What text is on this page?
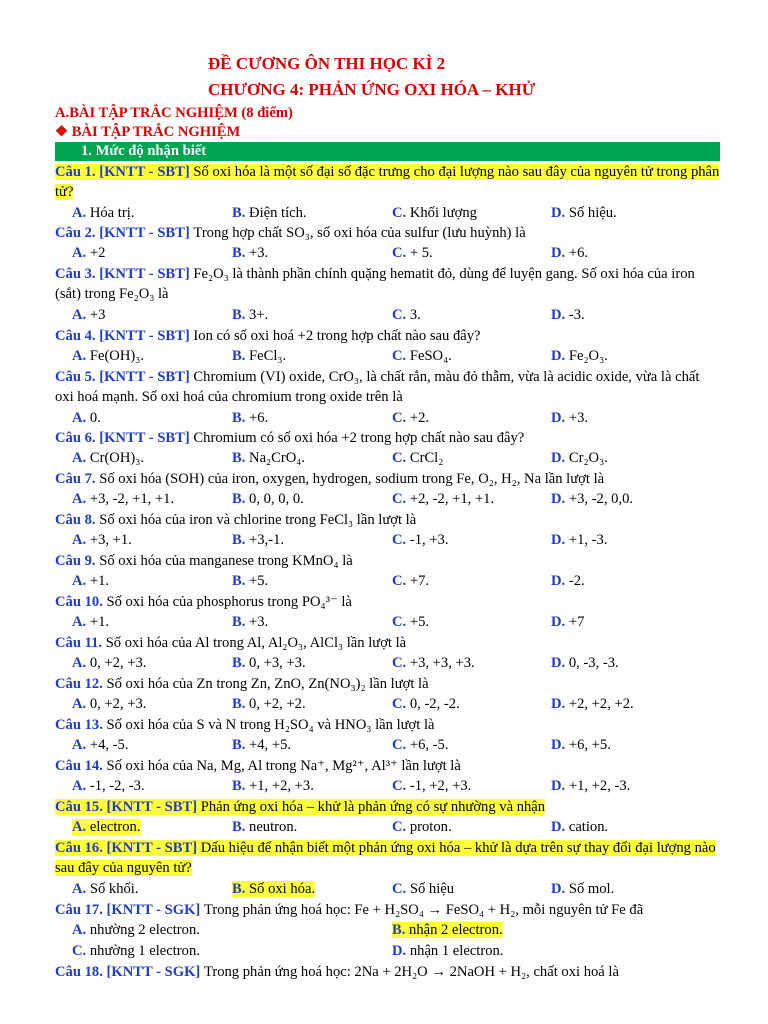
ĐỀ CƯƠNG ÔN THI HỌC KÌ 2
CHƯƠNG 4: PHẢN ỨNG OXI HÓA – KHỬ
A.BÀI TẬP TRẮC NGHIỆM (8 điểm)
❖ BÀI TẬP TRẮC NGHIỆM
1. Mức độ nhận biết
Câu 1. [KNTT - SBT] Số oxi hóa là một số đại số đặc trưng cho đại lượng nào sau đây của nguyên tử trong phân tử?
A. Hóa trị.	B. Điện tích.	C. Khối lượng	D. Số hiệu.
Câu 2. [KNTT - SBT] Trong hợp chất SO₃, số oxi hóa của sulfur (lưu huỳnh) là
A. +2	B. +3.	C. + 5.	D. +6.
Câu 3. [KNTT - SBT] Fe₂O₃ là thành phần chính quặng hematit đỏ, dùng để luyện gang. Số oxi hóa của iron (sắt) trong Fe₂O₃ là
A. +3	B. 3+.	C. 3.	D. -3.
Câu 4. [KNTT - SBT] Ion có số oxi hoá +2 trong hợp chất nào sau đây?
A. Fe(OH)₃.	B. FeCl₃.	C. FeSO₄.	D. Fe₂O₃.
Câu 5. [KNTT - SBT] Chromium (VI) oxide, CrO₃, là chất rắn, màu đỏ thẫm, vừa là acidic oxide, vừa là chất oxi hoá mạnh. Số oxi hoá của chromium trong oxide trên là
A. 0.	B. +6.	C. +2.	D. +3.
Câu 6. [KNTT - SBT] Chromium có số oxi hóa +2 trong hợp chất nào sau đây?
A. Cr(OH)₃.	B. Na₂CrO₄.	C. CrCl₂	D. Cr₂O₃.
Câu 7. Số oxi hóa (SOH) của iron, oxygen, hydrogen, sodium trong Fe, O₂, H₂, Na lần lượt là
A. +3, -2, +1, +1.	B. 0, 0, 0, 0.	C. +2, -2, +1, +1.	D. +3, -2, 0,0.
Câu 8. Số oxi hóa của iron và chlorine trong FeCl₃ lần lượt là
A. +3, +1.	B. +3,-1.	C. -1, +3.	D. +1, -3.
Câu 9. Số oxi hóa của manganese trong KMnO₄ là
A. +1.	B. +5.	C. +7.	D. -2.
Câu 10. Số oxi hóa của phosphorus trong PO₄³⁻ là
A. +1.	B. +3.	C. +5.	D. +7
Câu 11. Số oxi hóa của Al trong Al, Al₂O₃, AlCl₃ lần lượt là
A. 0, +2, +3.	B. 0, +3, +3.	C. +3, +3, +3.	D. 0, -3, -3.
Câu 12. Số oxi hóa của Zn trong Zn, ZnO, Zn(NO₃)₂ lần lượt là
A. 0, +2, +3.	B. 0, +2, +2.	C. 0, -2, -2.	D. +2, +2, +2.
Câu 13. Số oxi hóa của S và N trong H₂SO₄ và HNO₃ lần lượt là
A. +4, -5.	B. +4, +5.	C. +6, -5.	D. +6, +5.
Câu 14. Số oxi hóa của Na, Mg, Al trong Na⁺, Mg²⁺, Al³⁺ lần lượt là
A. -1, -2, -3.	B. +1, +2, +3.	C. -1, +2, +3.	D. +1, +2, -3.
Câu 15. [KNTT - SBT] Phản ứng oxi hóa – khử là phản ứng có sự nhường và nhận
A. electron.	B. neutron.	C. proton.	D. cation.
Câu 16. [KNTT - SBT] Dấu hiệu để nhận biết một phản ứng oxi hóa – khử là dựa trên sự thay đổi đại lượng nào sau đây của nguyên tử?
A. Số khối.	B. Số oxi hóa.	C. Số hiệu	D. Số mol.
Câu 17. [KNTT - SGK] Trong phản ứng hoá học: Fe + H₂SO₄ → FeSO₄ + H₂, mỗi nguyên tử Fe đã
A. nhường 2 electron.	B. nhận 2 electron.
C. nhường 1 electron.	D. nhận 1 electron.
Câu 18. [KNTT - SGK] Trong phản ứng hoá học: 2Na + 2H₂O → 2NaOH + H₂, chất oxi hoá là
